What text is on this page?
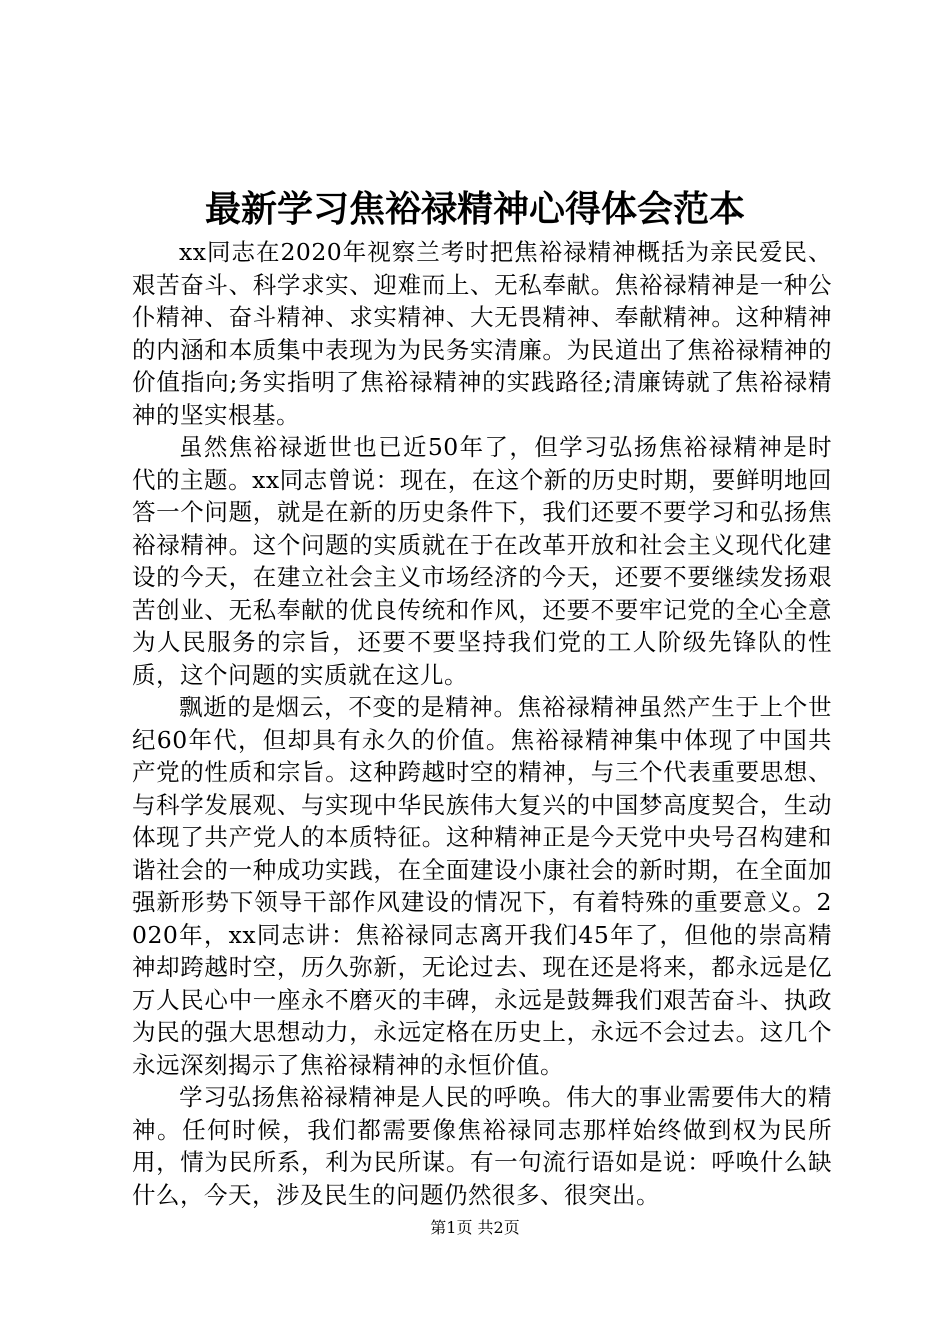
最新学习焦裕禄精神心得体会范本

xx同志在2020年视察兰考时把焦裕禄精神概括为亲民爱民、艰苦奋斗、科学求实、迎难而上、无私奉献。焦裕禄精神是一种公仆精神、奋斗精神、求实精神、大无畏精神、奉献精神。这种精神的内涵和本质集中表现为为民务实清廉。为民道出了焦裕禄精神的价值指向;务实指明了焦裕禄精神的实践路径;清廉铸就了焦裕禄精神的坚实根基。

虽然焦裕禄逝世也已近50年了，但学习弘扬焦裕禄精神是时代的主题。xx同志曾说：现在，在这个新的历史时期，要鲜明地回答一个问题，就是在新的历史条件下，我们还要不要学习和弘扬焦裕禄精神。这个问题的实质就在于在改革开放和社会主义现代化建设的今天，在建立社会主义市场经济的今天，还要不要继续发扬艰苦创业、无私奉献的优良传统和作风，还要不要牢记党的全心全意为人民服务的宗旨，还要不要坚持我们党的工人阶级先锋队的性质，这个问题的实质就在这儿。

飘逝的是烟云，不变的是精神。焦裕禄精神虽然产生于上个世纪60年代，但却具有永久的价值。焦裕禄精神集中体现了中国共产党的性质和宗旨。这种跨越时空的精神，与三个代表重要思想、与科学发展观、与实现中华民族伟大复兴的中国梦高度契合，生动体现了共产党人的本质特征。这种精神正是今天党中央号召构建和谐社会的一种成功实践，在全面建设小康社会的新时期，在全面加强新形势下领导干部作风建设的情况下，有着特殊的重要意义。2020年，xx同志讲：焦裕禄同志离开我们45年了，但他的崇高精神却跨越时空，历久弥新，无论过去、现在还是将来，都永远是亿万人民心中一座永不磨灭的丰碑，永远是鼓舞我们艰苦奋斗、执政为民的强大思想动力，永远定格在历史上，永远不会过去。这几个永远深刻揭示了焦裕禄精神的永恒价值。

学习弘扬焦裕禄精神是人民的呼唤。伟大的事业需要伟大的精神。任何时候，我们都需要像焦裕禄同志那样始终做到权为民所用，情为民所系，利为民所谋。有一句流行语如是说：呼唤什么缺什么，今天，涉及民生的问题仍然很多、很突出。

第1页 共2页
